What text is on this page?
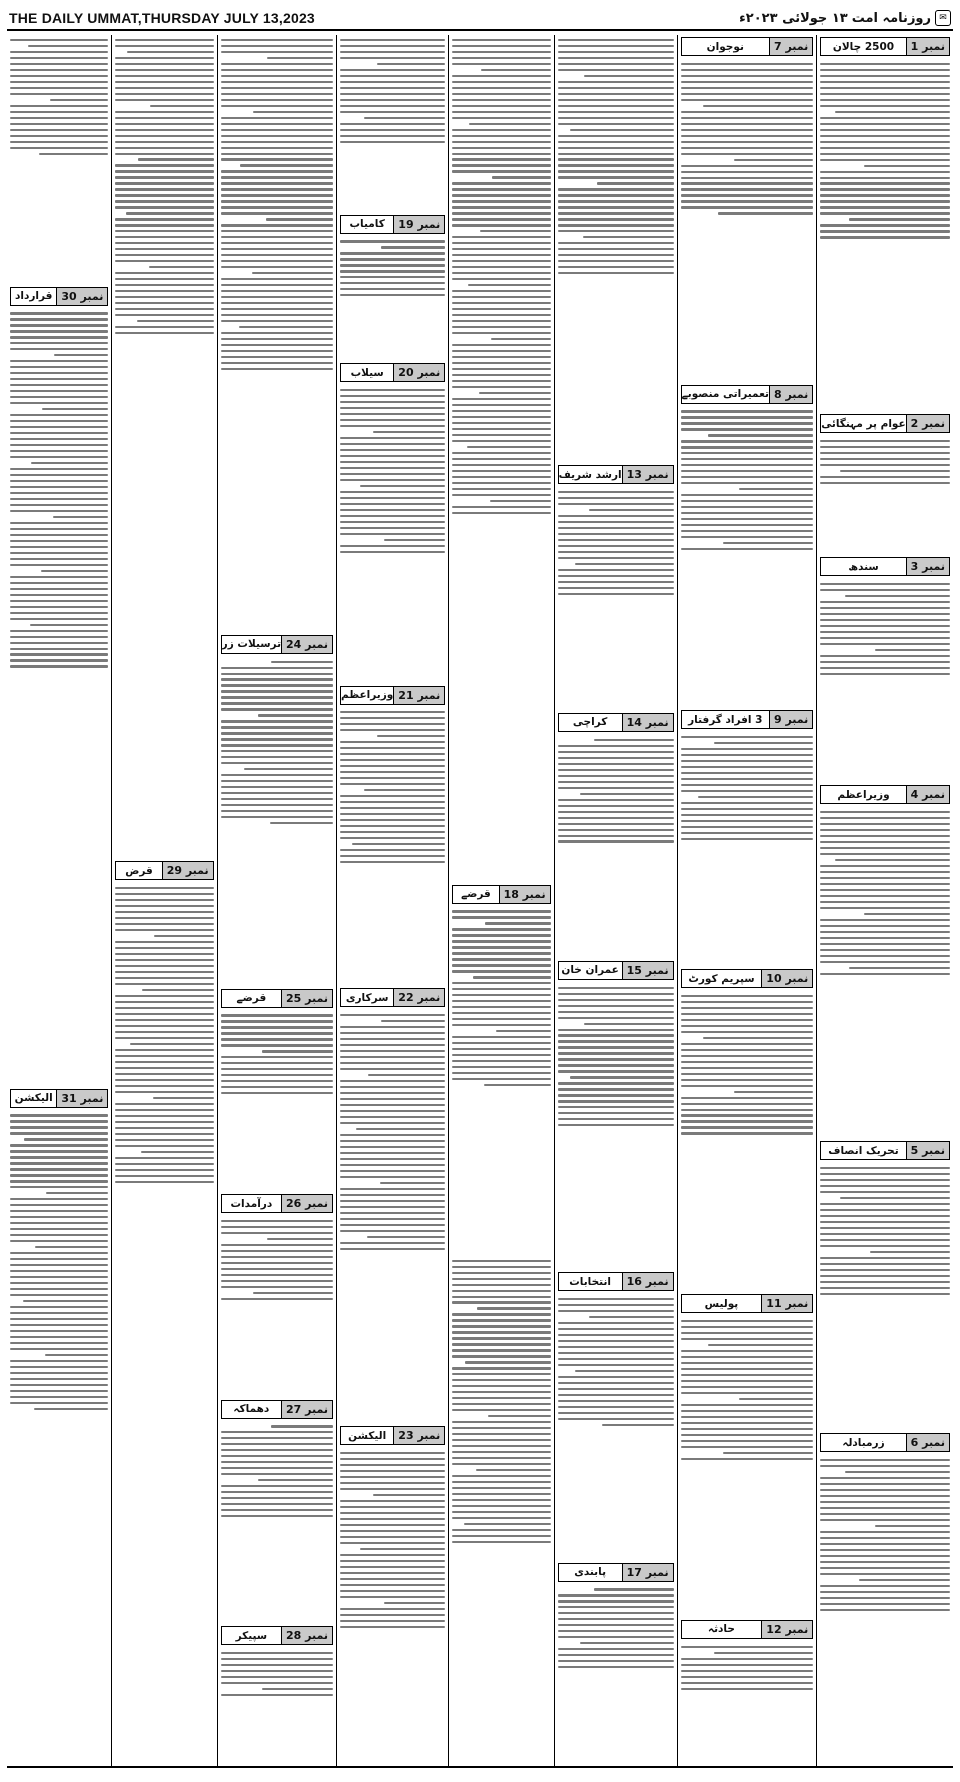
THE DAILY UMMAT,THURSDAY JULY 13,2023	✉
روزنامہ امت
۱۳ جولائی ۲۰۲۳ء
نمبر 1
2500 چالان
نمبر 2
عوام پر مہنگائی
نمبر 3
سندھ
نمبر 4
وزیراعظم
نمبر 5
تحریک انصاف
نمبر 6
زرمبادلہ
نمبر 7
نوجوان
نمبر 8
تعمیراتی منصوبے
نمبر 9
3 افراد گرفتار
نمبر 10
سپریم کورٹ
نمبر 11
پولیس
نمبر 12
حادثہ
نمبر 13
ارشد شریف
نمبر 14
کراچی
نمبر 15
عمران خان
نمبر 16
انتخابات
نمبر 17
پابندی
نمبر 18
قرضے
نمبر 19
کامیاب
نمبر 20
سیلاب
نمبر 21
وزیراعظم
نمبر 22
سرکاری
نمبر 23
الیکشن
نمبر 24
ترسیلات زر
نمبر 25
قرضے
نمبر 26
درآمدات
نمبر 27
دھماکہ
نمبر 28
سپیکر
نمبر 29
قرض
نمبر 30
قرارداد
نمبر 31
الیکشن
